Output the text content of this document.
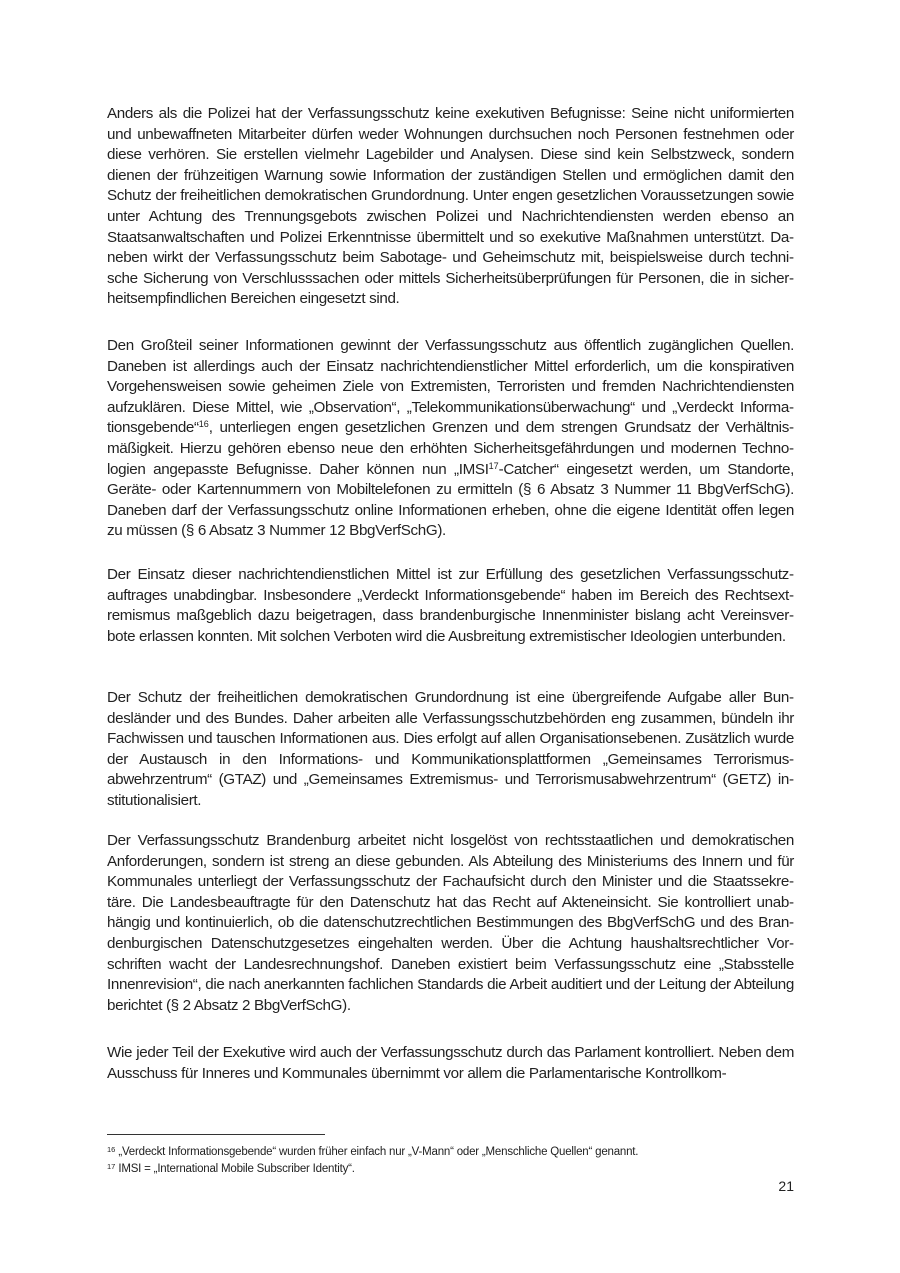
Anders als die Polizei hat der Verfassungsschutz keine exekutiven Befugnisse: Seine nicht uniformierten und unbewaffneten Mitarbeiter dürfen weder Wohnungen durchsuchen noch Personen festnehmen oder diese verhören. Sie erstellen vielmehr Lagebilder und Analysen. Diese sind kein Selbstzweck, sondern dienen der frühzeitigen Warnung sowie Information der zuständigen Stellen und ermöglichen damit den Schutz der freiheitlichen demokratischen Grundordnung. Unter engen gesetzlichen Voraussetzungen sowie unter Achtung des Trennungsgebots zwischen Polizei und Nachrichtendiensten werden ebenso an Staatsanwaltschaften und Polizei Erkenntnisse übermittelt und so exekutive Maßnahmen unterstützt. Daneben wirkt der Verfassungsschutz beim Sabotage- und Geheimschutz mit, beispielsweise durch technische Sicherung von Verschlusssachen oder mittels Sicherheitsüberprüfungen für Personen, die in sicherheitsempfindlichen Bereichen eingesetzt sind.

Den Großteil seiner Informationen gewinnt der Verfassungsschutz aus öffentlich zugänglichen Quellen. Daneben ist allerdings auch der Einsatz nachrichtendienstlicher Mittel erforderlich, um die konspirativen Vorgehensweisen sowie geheimen Ziele von Extremisten, Terroristen und fremden Nachrichtendiensten aufzuklären. Diese Mittel, wie „Observation“, „Telekommunikationsüberwachung“ und „Verdeckt Informationsgebende“$^{16}$, unterliegen engen gesetzlichen Grenzen und dem strengen Grundsatz der Verhältnismäßigkeit. Hierzu gehören ebenso neue den erhöhten Sicherheitsgefährdungen und modernen Technologien angepasste Befugnisse. Daher können nun „IMSI$^{17}$-Catcher“ eingesetzt werden, um Standorte, Geräte- oder Kartennummern von Mobiltelefonen zu ermitteln (§ 6 Absatz 3 Nummer 11 BbgVerfSchG). Daneben darf der Verfassungsschutz online Informationen erheben, ohne die eigene Identität offen legen zu müssen (§ 6 Absatz 3 Nummer 12 BbgVerfSchG).

Der Einsatz dieser nachrichtendienstlichen Mittel ist zur Erfüllung des gesetzlichen Verfassungsschutzauftrages unabdingbar. Insbesondere „Verdeckt Informationsgebende“ haben im Bereich des Rechtsextremismus maßgeblich dazu beigetragen, dass brandenburgische Innenminister bislang acht Vereinsverbote erlassen konnten. Mit solchen Verboten wird die Ausbreitung extremistischer Ideologien unterbunden.

Der Schutz der freiheitlichen demokratischen Grundordnung ist eine übergreifende Aufgabe aller Bundesländer und des Bundes. Daher arbeiten alle Verfassungsschutzbehörden eng zusammen, bündeln ihr Fachwissen und tauschen Informationen aus. Dies erfolgt auf allen Organisationsebenen. Zusätzlich wurde der Austausch in den Informations- und Kommunikationsplattformen „Gemeinsames Terrorismusabwehrzentrum“ (GTAZ) und „Gemeinsames Extremismus- und Terrorismusabwehrzentrum“ (GETZ) institutionalisiert.

Der Verfassungsschutz Brandenburg arbeitet nicht losgelöst von rechtsstaatlichen und demokratischen Anforderungen, sondern ist streng an diese gebunden. Als Abteilung des Ministeriums des Innern und für Kommunales unterliegt der Verfassungsschutz der Fachaufsicht durch den Minister und die Staatssekretäre. Die Landesbeauftragte für den Datenschutz hat das Recht auf Akteneinsicht. Sie kontrolliert unabhängig und kontinuierlich, ob die datenschutzrechtlichen Bestimmungen des BbgVerfSchG und des Brandenburgischen Datenschutzgesetzes eingehalten werden. Über die Achtung haushaltsrechtlicher Vorschriften wacht der Landesrechnungshof. Daneben existiert beim Verfassungsschutz eine „Stabsstelle Innenrevision“, die nach anerkannten fachlichen Standards die Arbeit auditiert und der Leitung der Abteilung berichtet (§ 2 Absatz 2 BbgVerfSchG).

Wie jeder Teil der Exekutive wird auch der Verfassungsschutz durch das Parlament kontrolliert. Neben dem Ausschuss für Inneres und Kommunales übernimmt vor allem die Parlamentarische Kontrollkom-

$^{16}$ „Verdeckt Informationsgebende“ wurden früher einfach nur „V-Mann“ oder „Menschliche Quellen“ genannt.

$^{17}$ IMSI = „International Mobile Subscriber Identity“.

21
